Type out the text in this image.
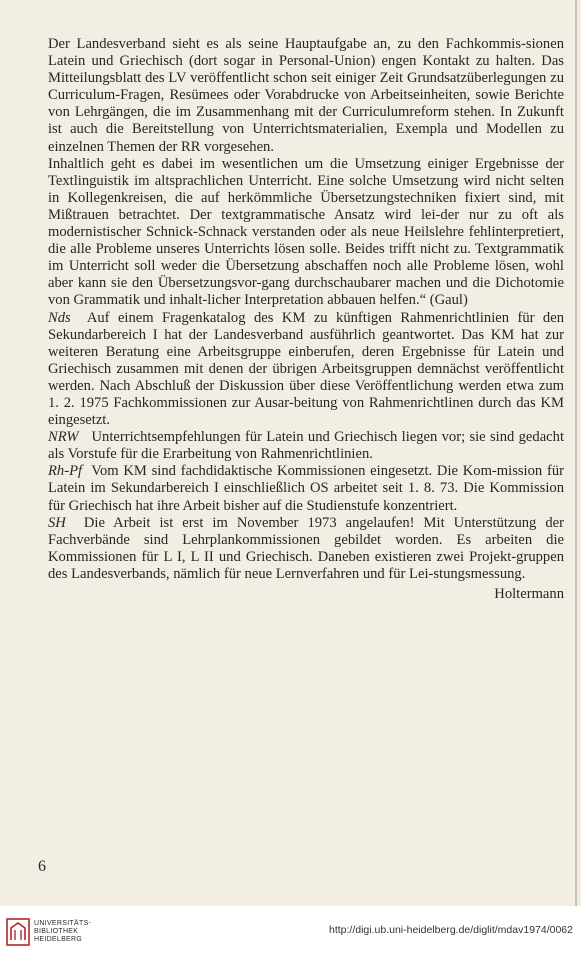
Der Landesverband sieht es als seine Hauptaufgabe an, zu den Fachkommis-sionen Latein und Griechisch (dort sogar in Personal-Union) engen Kontakt zu halten. Das Mitteilungsblatt des LV veröffentlicht schon seit einiger Zeit Grundsatzüberlegungen zu Curriculum-Fragen, Resümees oder Vorabdrucke von Arbeitseinheiten, sowie Berichte von Lehrgängen, die im Zusammenhang mit der Curriculumreform stehen. In Zukunft ist auch die Bereitstellung von Unterrichtsmaterialien, Exempla und Modellen zu einzelnen Themen der RR vorgesehen.

Inhaltlich geht es dabei im wesentlichen um die Umsetzung einiger Ergebnisse der Textlinguistik im altsprachlichen Unterricht. Eine solche Umsetzung wird nicht selten in Kollegenkreisen, die auf herkömmliche Übersetzungstechniken fixiert sind, mit Mißtrauen betrachtet. Der textgrammatische Ansatz wird lei-der nur zu oft als modernistischer Schnick-Schnack verstanden oder als neue Heilslehre fehlinterpretiert, die alle Probleme unseres Unterrichts lösen solle. Beides trifft nicht zu. Textgrammatik im Unterricht soll weder die Übersetzung abschaffen noch alle Probleme lösen, wohl aber kann sie den Übersetzungsvor-gang durchschaubarer machen und die Dichotomie von Grammatik und inhalt-licher Interpretation abbauen helfen.“ (Gaul)

Nds Auf einem Fragenkatalog des KM zu künftigen Rahmenrichtlinien für den Sekundarbereich I hat der Landesverband ausführlich geantwortet. Das KM hat zur weiteren Beratung eine Arbeitsgruppe einberufen, deren Ergebnisse für Latein und Griechisch zusammen mit denen der übrigen Arbeitsgruppen demnächst veröffentlicht werden. Nach Abschluß der Diskussion über diese Veröffentlichung werden etwa zum 1. 2. 1975 Fachkommissionen zur Ausar-beitung von Rahmenrichtlinen durch das KM eingesetzt.

NRW Unterrichtsempfehlungen für Latein und Griechisch liegen vor; sie sind gedacht als Vorstufe für die Erarbeitung von Rahmenrichtlinien.

Rh-Pf Vom KM sind fachdidaktische Kommissionen eingesetzt. Die Kom-mission für Latein im Sekundarbereich I einschließlich OS arbeitet seit 1. 8. 73. Die Kommission für Griechisch hat ihre Arbeit bisher auf die Studienstufe konzentriert.

SH Die Arbeit ist erst im November 1973 angelaufen! Mit Unterstützung der Fachverbände sind Lehrplankommissionen gebildet worden. Es arbeiten die Kommissionen für L I, L II und Griechisch. Daneben existieren zwei Projekt-gruppen des Landesverbands, nämlich für neue Lernverfahren und für Lei-stungsmessung.

Holtermann
6
UNIVERSITÄTS-
BIBLIOTHEK
HEIDELBERG
http://digi.ub.uni-heidelberg.de/diglit/mdav1974/0062
